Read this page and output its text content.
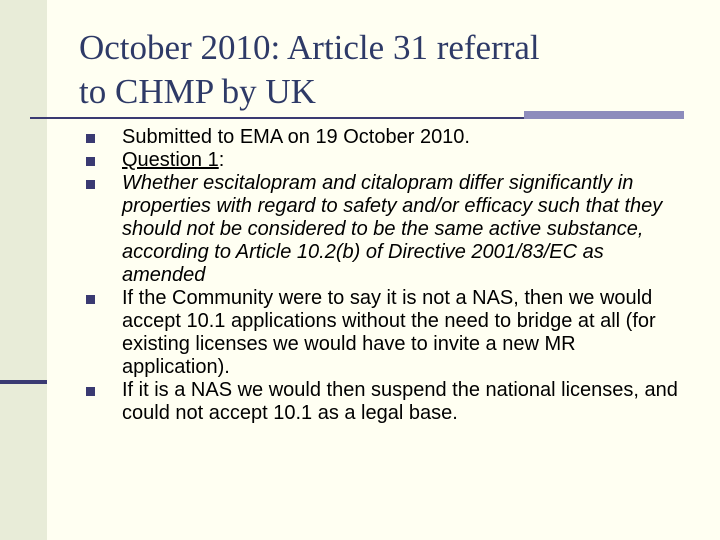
October 2010: Article 31 referral
to CHMP by UK
Submitted to EMA on 19 October 2010.
Question 1:
Whether escitalopram and citalopram differ significantly in properties with regard to safety and/or efficacy such that they should not be considered to be the same active substance, according to Article 10.2(b) of Directive 2001/83/EC as amended
If the Community were to say it is not a NAS, then we would accept 10.1 applications without the need to bridge at all (for existing licenses we would have to invite a new MR application).
If it is a NAS we would then suspend the national licenses, and could not accept 10.1 as a legal base.
